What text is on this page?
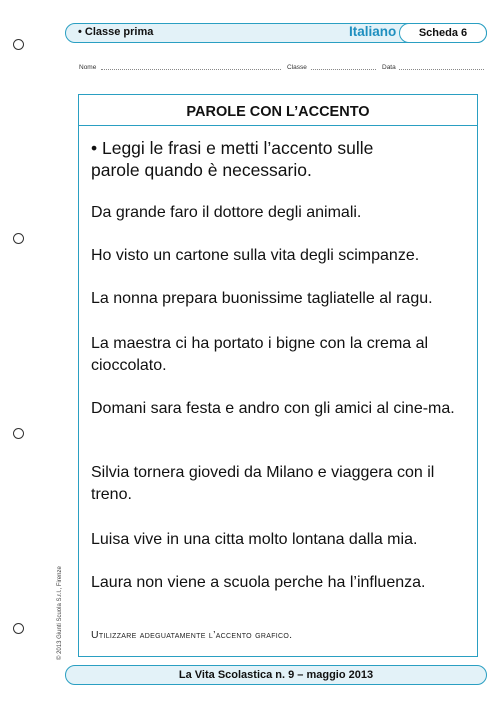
• Classe prima	Italiano	Scheda 6
Nome	Classe	Data
© 2013 Giunti Scuola S.r.l., Firenze
PAROLE CON L’ACCENTO
• Leggi le frasi e metti l’accento sulle parole quando è necessario.
Da grande faro il dottore degli animali.
Ho visto un cartone sulla vita degli scimpanze.
La nonna prepara buonissime tagliatelle al ragu.
La maestra ci ha portato i bigne con la crema al cioccolato.
Domani sara festa e andro con gli amici al cine-ma.
Silvia tornera giovedi da Milano e viaggera con il treno.
Luisa vive in una citta molto lontana dalla mia.
Laura non viene a scuola perche ha l’influenza.
Utilizzare adeguatamente l’accento grafico.
La Vita Scolastica n. 9 – maggio 2013
